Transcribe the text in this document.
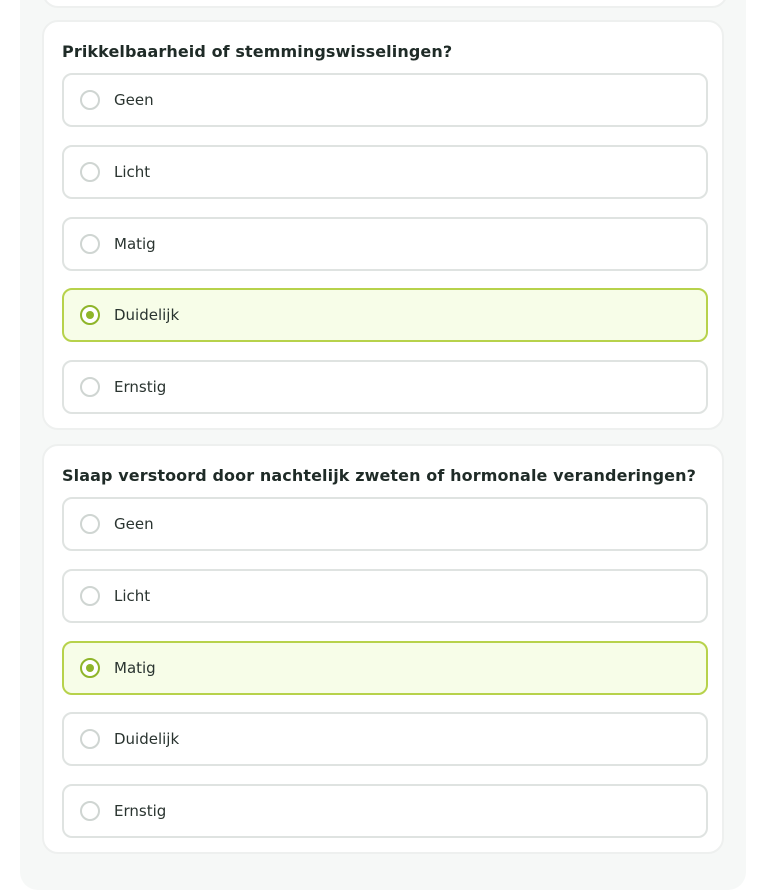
Prikkelbaarheid of stemmingswisselingen?
Geen
Licht
Matig
Duidelijk
Ernstig
Slaap verstoord door nachtelijk zweten of hormonale veranderingen?
Geen
Licht
Matig
Duidelijk
Ernstig
